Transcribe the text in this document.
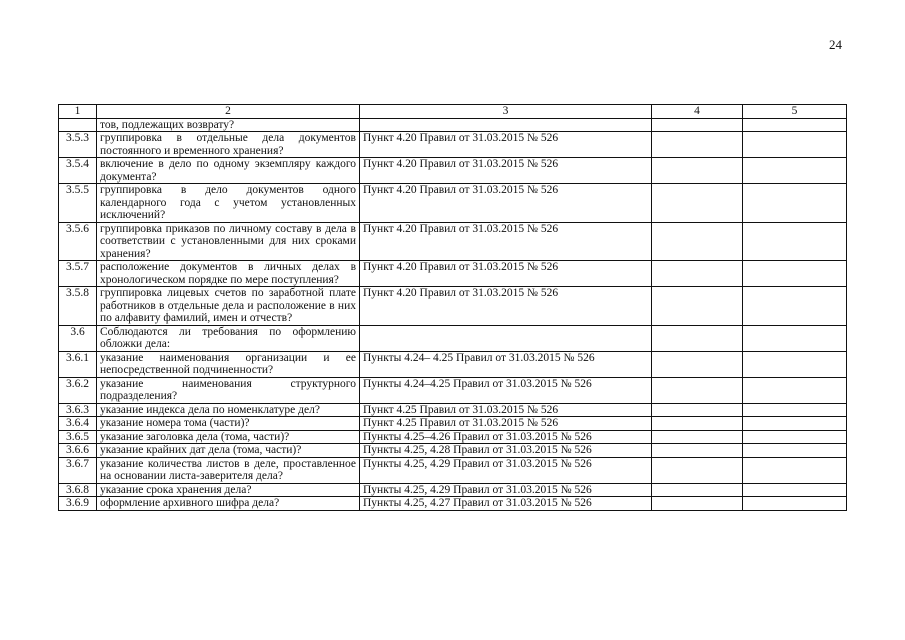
24
1	2	3	4	5
	тов, подлежащих возврату?			
3.5.3	группировка в отдельные дела документов постоянного и временного хранения?	Пункт 4.20 Правил от 31.03.2015 № 526		
3.5.4	включение в дело по одному экземпляру каждого документа?	Пункт 4.20 Правил от 31.03.2015 № 526		
3.5.5	группировка в дело документов одного календарного года с учетом установленных исключений?	Пункт 4.20 Правил от 31.03.2015 № 526		
3.5.6	группировка приказов по личному составу в дела в соответствии с установленными для них сроками хранения?	Пункт 4.20 Правил от 31.03.2015 № 526		
3.5.7	расположение документов в личных делах в хронологическом порядке по мере поступления?	Пункт 4.20 Правил от 31.03.2015 № 526		
3.5.8	группировка лицевых счетов по заработной плате работников в отдельные дела и расположение в них по алфавиту фамилий, имен и отчеств?	Пункт 4.20 Правил от 31.03.2015 № 526		
3.6	Соблюдаются ли требования по оформлению обложки дела:			
3.6.1	указание наименования организации и ее непосредственной подчиненности?	Пункты 4.24– 4.25 Правил от 31.03.2015 № 526		
3.6.2	указание наименования структурного подразделения?	Пункты 4.24–4.25 Правил от 31.03.2015 № 526		
3.6.3	указание индекса дела по номенклатуре дел?	Пункт 4.25 Правил от 31.03.2015 № 526		
3.6.4	указание номера тома (части)?	Пункт 4.25 Правил от 31.03.2015 № 526		
3.6.5	указание заголовка дела (тома, части)?	Пункты 4.25–4.26 Правил от 31.03.2015 № 526		
3.6.6	указание крайних дат дела (тома, части)?	Пункты 4.25, 4.28 Правил от 31.03.2015 № 526		
3.6.7	указание количества листов в деле, проставленное на основании листа-заверителя дела?	Пункты 4.25, 4.29 Правил от 31.03.2015 № 526		
3.6.8	указание срока хранения дела?	Пункты 4.25, 4.29 Правил от 31.03.2015 № 526		
3.6.9	оформление архивного шифра дела?	Пункты 4.25, 4.27 Правил от 31.03.2015 № 526		
